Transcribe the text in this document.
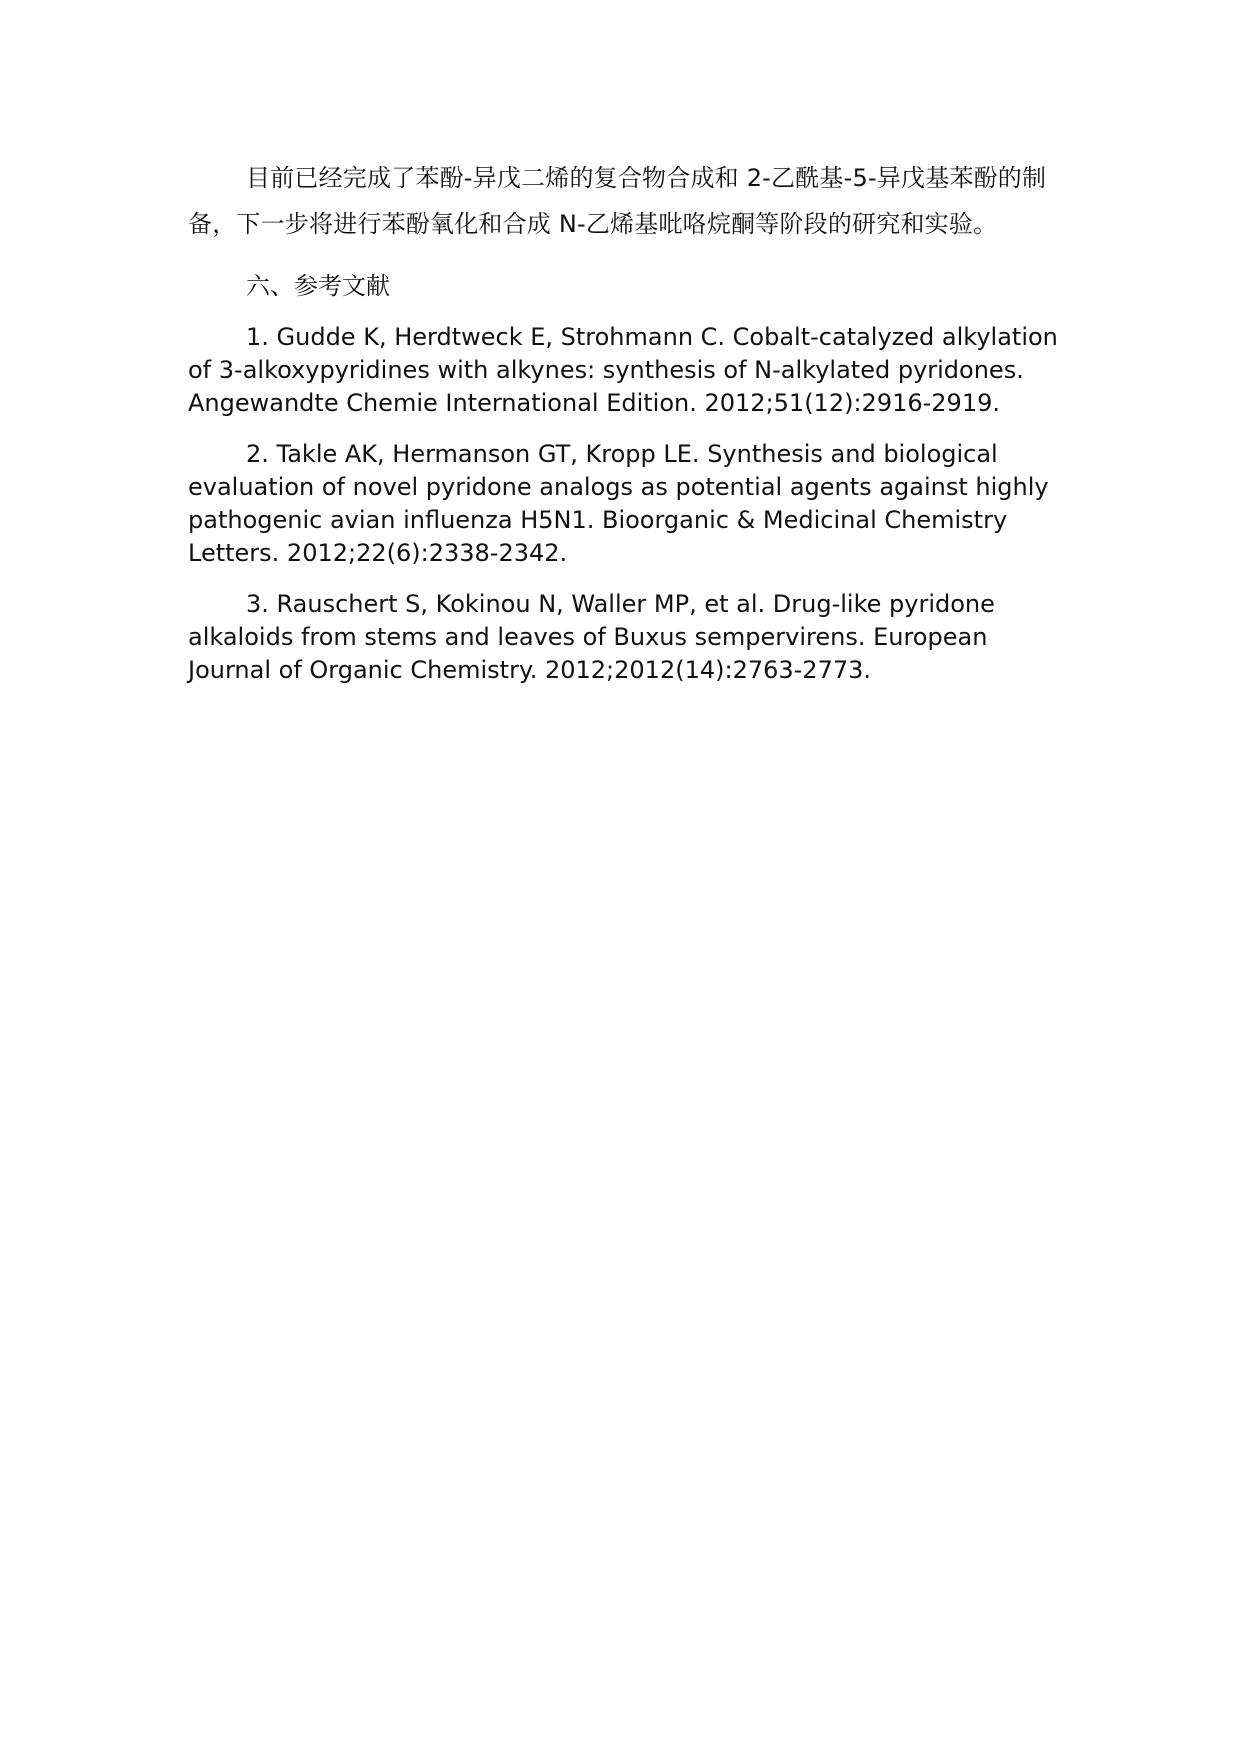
目前已经完成了苯酚-异戊二烯的复合物合成和 2-乙酰基-5-异戊基苯酚的制备，下一步将进行苯酚氧化和合成 N-乙烯基吡咯烷酮等阶段的研究和实验。

六、参考文献

1. Gudde K, Herdtweck E, Strohmann C. Cobalt-catalyzed alkylation of 3-alkoxypyridines with alkynes: synthesis of N-alkylated pyridones. Angewandte Chemie International Edition. 2012;51(12):2916-2919.

2. Takle AK, Hermanson GT, Kropp LE. Synthesis and biological evaluation of novel pyridone analogs as potential agents against highly pathogenic avian influenza H5N1. Bioorganic & Medicinal Chemistry Letters. 2012;22(6):2338-2342.

3. Rauschert S, Kokinou N, Waller MP, et al. Drug-like pyridone alkaloids from stems and leaves of Buxus sempervirens. European Journal of Organic Chemistry. 2012;2012(14):2763-2773.
